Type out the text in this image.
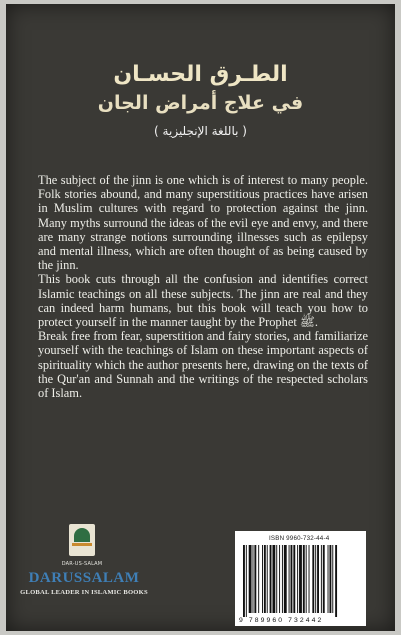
الطـرق الحسـان
في علاج أمراض الجان
( باللغة الإنجليزية )

The subject of the jinn is one which is of interest to many people. Folk stories abound, and many superstitious practices have arisen in Muslim cultures with regard to protection against the jinn. Many myths surround the ideas of the evil eye and envy, and there are many strange notions surrounding illnesses such as epilepsy and mental illness, which are often thought of as being caused by the jinn.

This book cuts through all the confusion and identifies correct Islamic teachings on all these subjects. The jinn are real and they can indeed harm humans, but this book will teach you how to protect yourself in the manner taught by the Prophet ﷺ.

Break free from fear, superstition and fairy stories, and familiarize yourself with the teachings of Islam on these important aspects of spirituality which the author presents here, drawing on the texts of the Qur'an and Sunnah and the writings of the respected scholars of Islam.

DAR-US-SALAM
DARUSSALAM
GLOBAL LEADER IN ISLAMIC BOOKS
ISBN 9960-732-44-4
9 789960 732442
